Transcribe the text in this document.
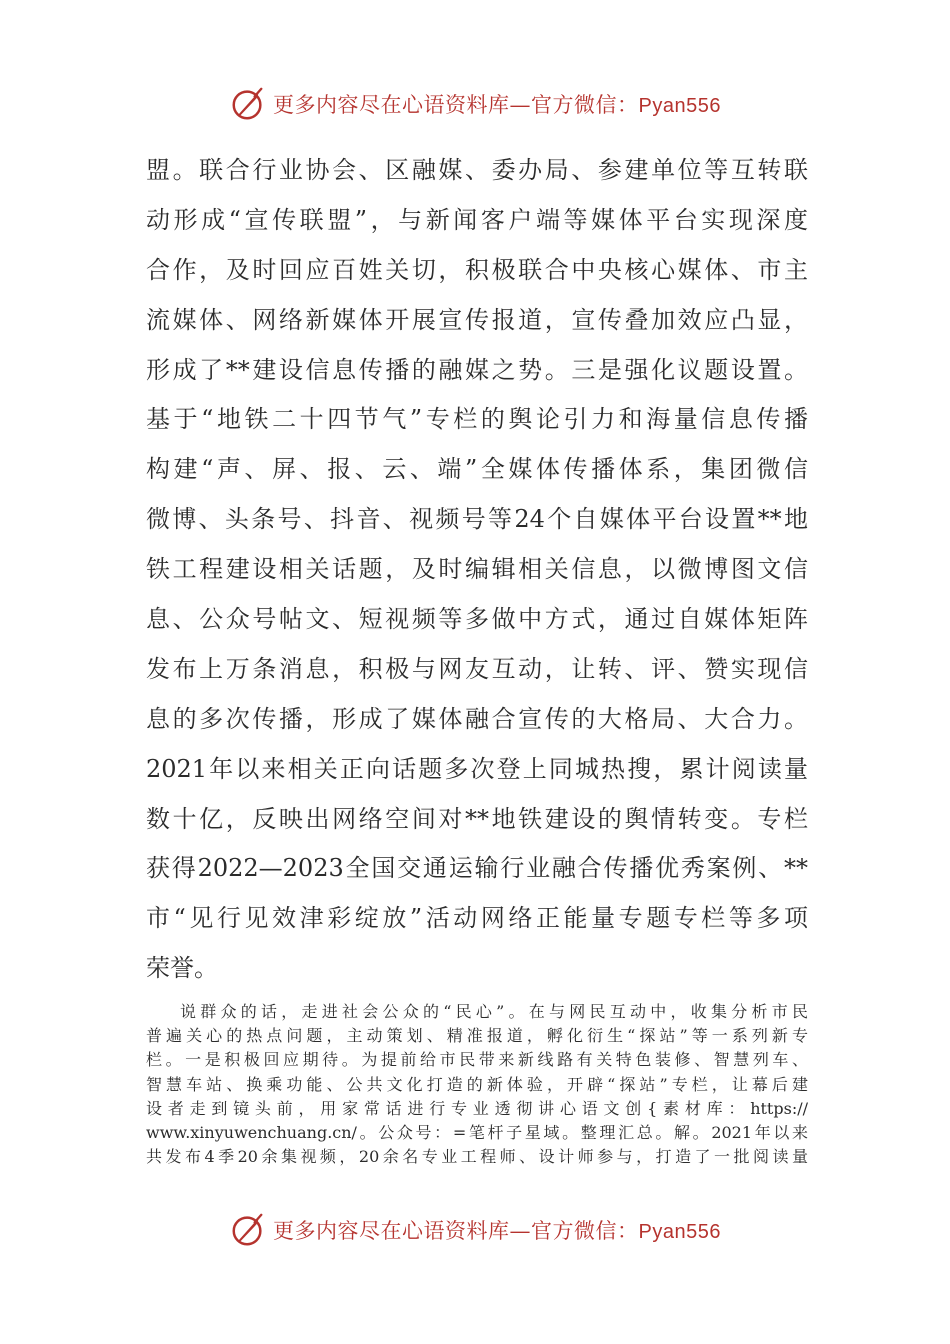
更多内容尽在心语资料库—官方微信：Pyan556
盟。联合行业协会、区融媒、委办局、参建单位等互转联
动形成“宣传联盟”，与新闻客户端等媒体平台实现深度
合作，及时回应百姓关切，积极联合中央核心媒体、市主
流媒体、网络新媒体开展宣传报道，宣传叠加效应凸显，
形成了**建设信息传播的融媒之势。三是强化议题设置。
基于“地铁二十四节气”专栏的舆论引力和海量信息传播
构建“声、屏、报、云、端”全媒体传播体系，集团微信
微博、头条号、抖音、视频号等24个自媒体平台设置**地
铁工程建设相关话题，及时编辑相关信息，以微博图文信
息、公众号帖文、短视频等多做中方式，通过自媒体矩阵
发布上万条消息，积极与网友互动，让转、评、赞实现信
息的多次传播，形成了媒体融合宣传的大格局、大合力。
2021年以来相关正向话题多次登上同城热搜，累计阅读量
数十亿，反映出网络空间对**地铁建设的舆情转变。专栏
获得2022—2023全国交通运输行业融合传播优秀案例、**
市“见行见效津彩绽放”活动网络正能量专题专栏等多项
荣誉。
说群众的话，走进社会公众的“民心”。在与网民互动中，收集分析市民
普遍关心的热点问题，主动策划、精准报道，孵化衍生“探站”等一系列新专
栏。一是积极回应期待。为提前给市民带来新线路有关特色装修、智慧列车、
智慧车站、换乘功能、公共文化打造的新体验，开辟“探站”专栏，让幕后建
设者走到镜头前，用家常话进行专业透彻讲心语文创{素材库：https://
www.xinyuwenchuang.cn/。公众号：=笔杆子星域。整理汇总。解。2021年以来
共发布4季20余集视频，20余名专业工程师、设计师参与，打造了一批阅读量
更多内容尽在心语资料库—官方微信：Pyan556
